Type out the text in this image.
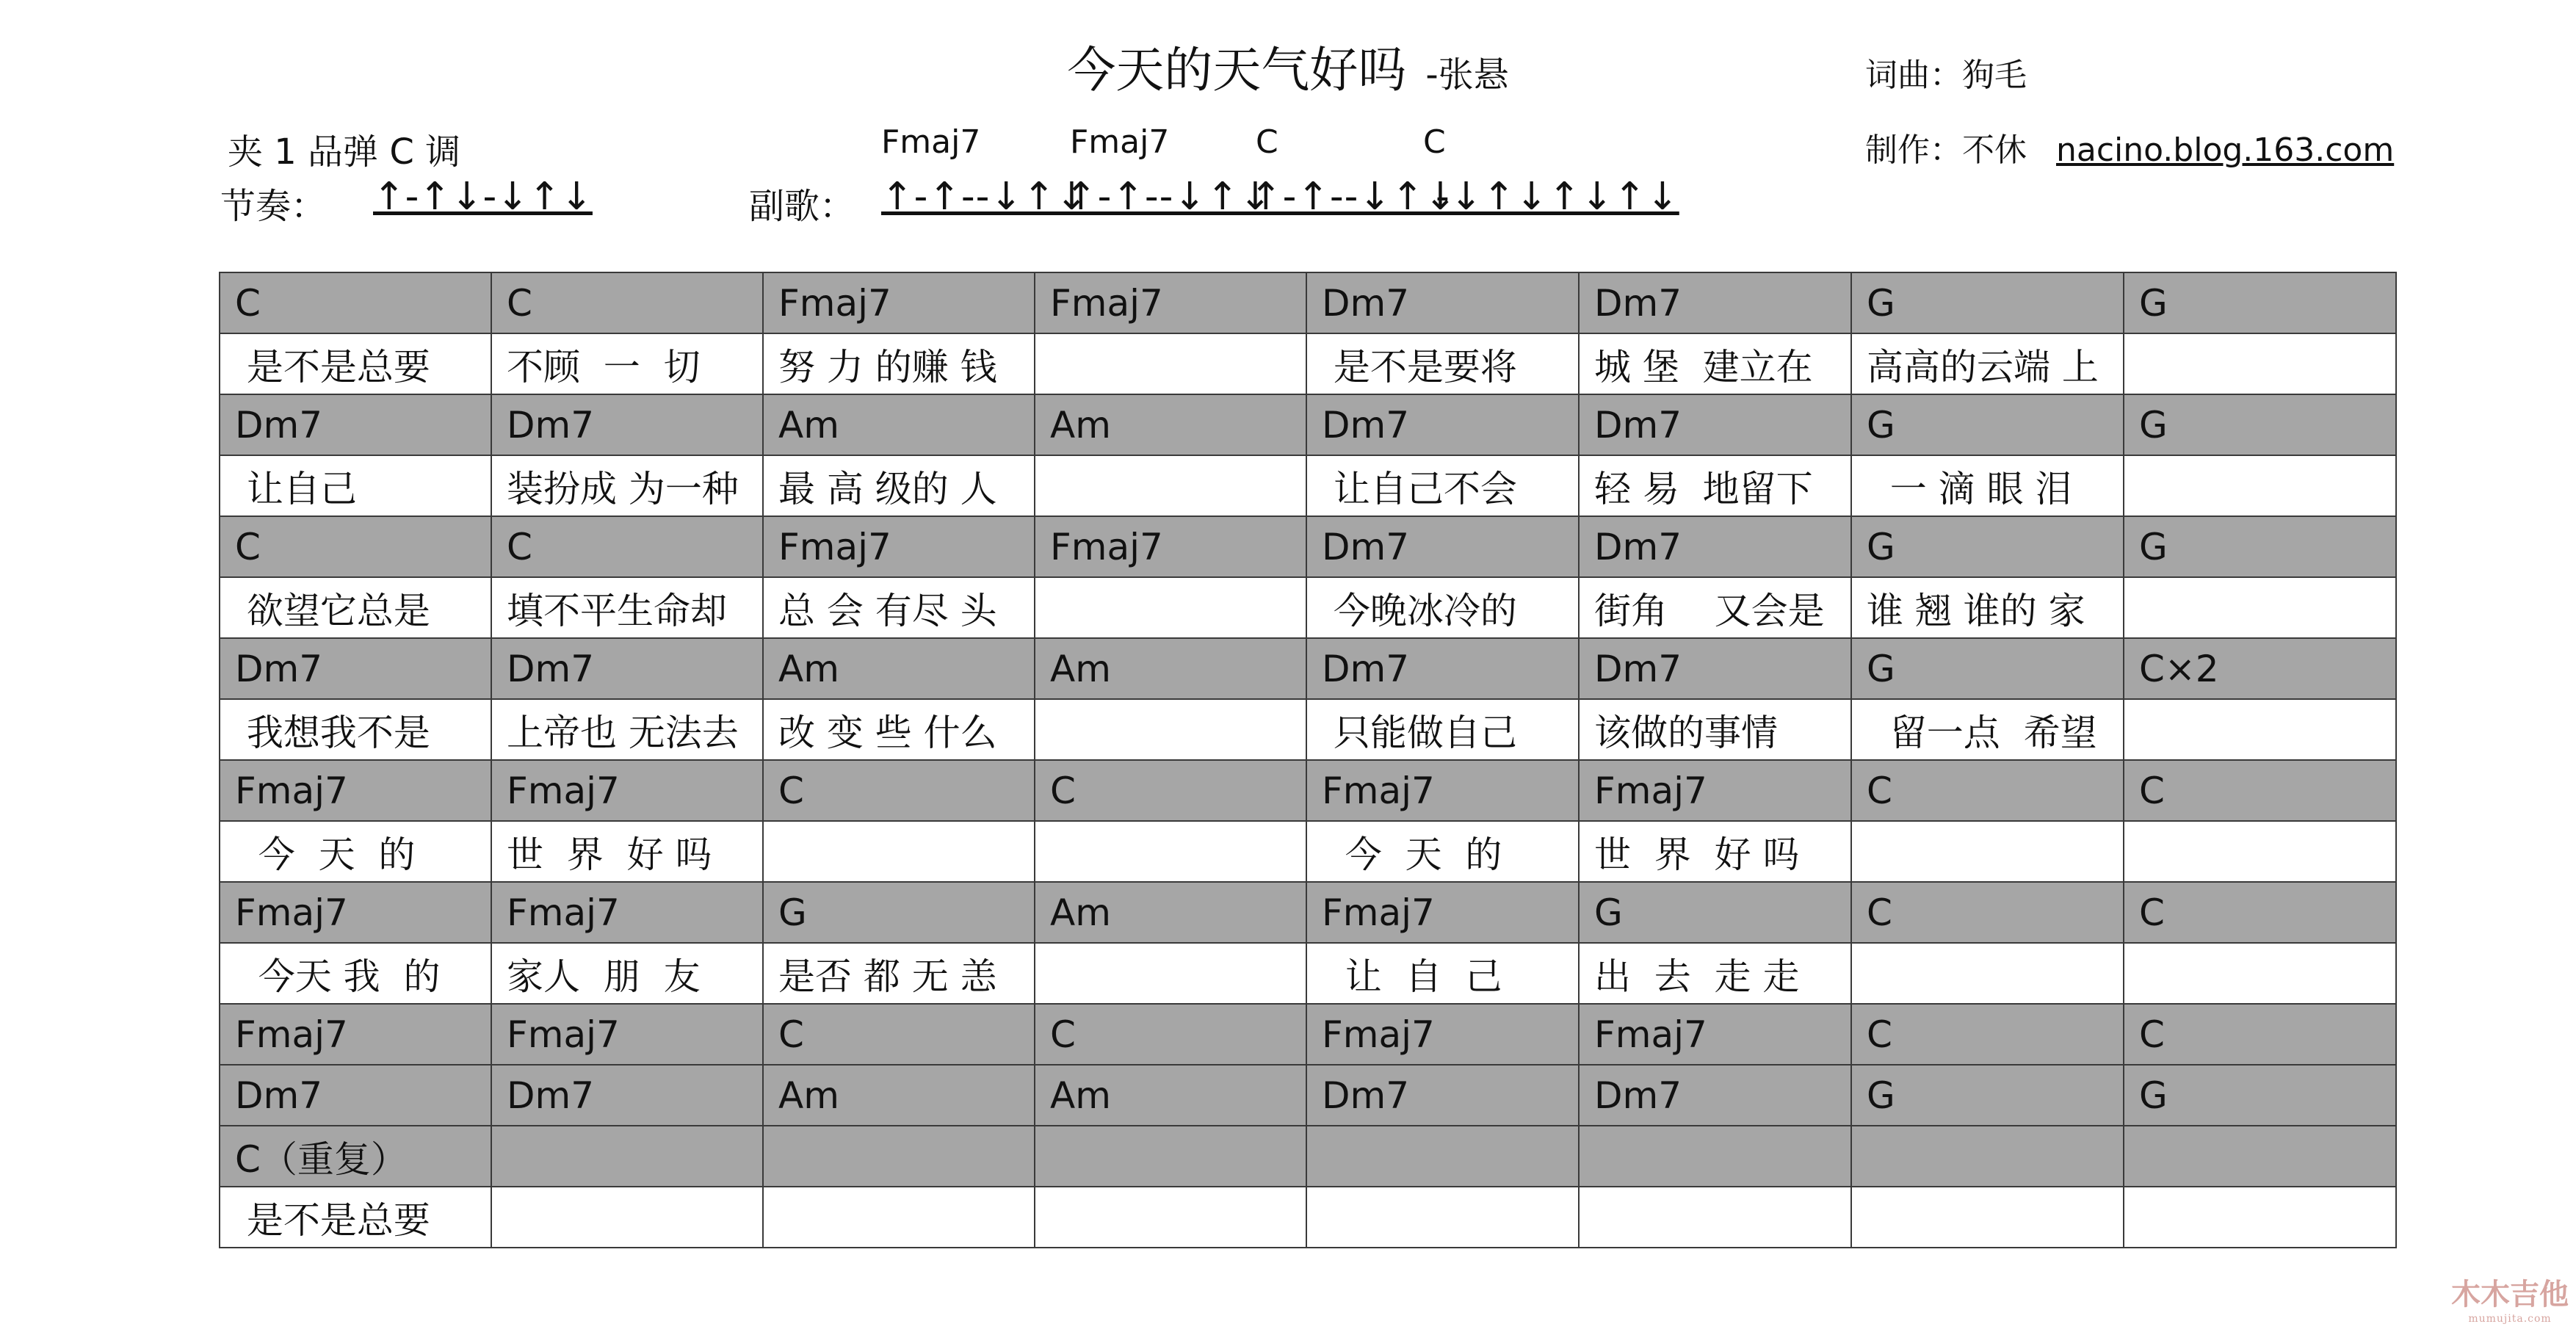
今天的天气好吗 -张悬	词曲：狗毛
制作：不休 nacino.blog.163.com
夹 1 品弹 C 调
节奏： ↑-↑↓-↓↑↓	副歌：
Fmaj7	Fmaj7	C	C
↑-↑--↓↑↓
↑-↑--↓↑↓
↑-↑--↓↑↓
-↓↑↓↑↓↑↓
C	C	Fmaj7	Fmaj7	Dm7	Dm7	G	G
是不是总要	不顾  一  切	努 力 的赚 钱		是不是要将	城 堡  建立在	高高的云端 上	
Dm7	Dm7	Am	Am	Dm7	Dm7	G	G
让自己	装扮成 为一种	最 高 级的 人		让自己不会	轻 易  地留下	一 滴 眼 泪	
C	C	Fmaj7	Fmaj7	Dm7	Dm7	G	G
欲望它总是	填不平生命却	总 会 有尽 头		今晚冰冷的	街角    又会是	谁 翘 谁的 家	
Dm7	Dm7	Am	Am	Dm7	Dm7	G	C×2
我想我不是	上帝也 无法去	改 变 些 什么		只能做自己	该做的事情	留一点  希望	
Fmaj7	Fmaj7	C	C	Fmaj7	Fmaj7	C	C
今  天  的	世  界  好 吗			今  天  的	世  界  好 吗		
Fmaj7	Fmaj7	G	Am	Fmaj7	G	C	C
今天 我  的	家人  朋  友	是否 都 无 恙		让  自  己	出  去  走 走		
Fmaj7	Fmaj7	C	C	Fmaj7	Fmaj7	C	C
Dm7	Dm7	Am	Am	Dm7	Dm7	G	G
C（重复）							
是不是总要							
木木吉他
mumujita.com
